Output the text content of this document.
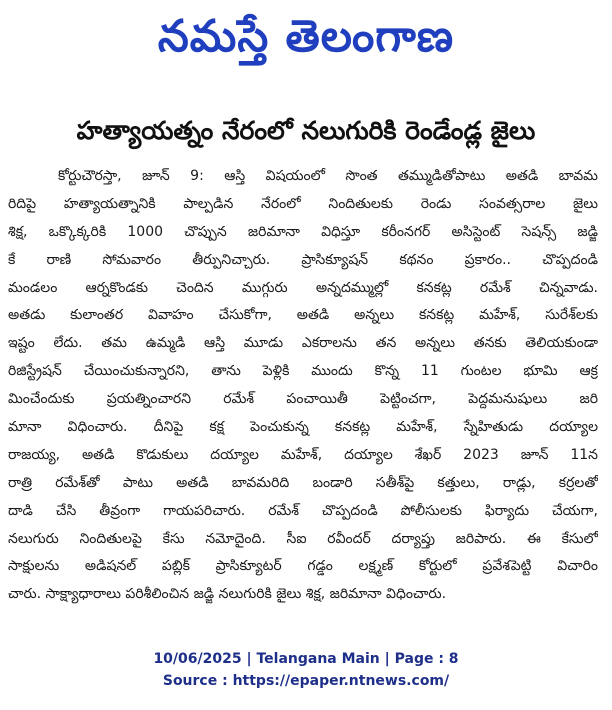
నమస్తే తెలంగాణ

హత్యాయత్నం నేరంలో నలుగురికి రెండేండ్ల జైలు
కోర్టుచౌరస్తా, జూన్ 9: ఆస్తి విషయంలో సొంత తమ్ముడితోపాటు అతడి బావమ
రిదిపై హత్యాయత్నానికి పాల్పడిన నేరంలో నిందితులకు రెండు సంవత్సరాల జైలు
శిక్ష, ఒక్కొక్కరికి 1000 చొప్పున జరిమానా విధిస్తూ కరీంనగర్ అసిస్టెంట్ సెషన్స్ జడ్జి
కే రాణి సోమవారం తీర్పునిచ్చారు. ప్రాసిక్యూషన్ కథనం ప్రకారం.. చొప్పదండి
మండలం ఆర్నకొండకు చెందిన ముగ్గురు అన్నదమ్ముల్లో కనకట్ల రమేశ్ చిన్నవాడు.
అతడు కులాంతర వివాహం చేసుకోగా, అతడి అన్నలు కనకట్ల మహేశ్, సురేశ్‌లకు
ఇష్టం లేదు. తమ ఉమ్మడి ఆస్తి మూడు ఎకరాలను తన అన్నలు తనకు తెలియకుండా
రిజిస్ట్రేషన్ చేయించుకున్నారని, తాను పెళ్లికి ముందు కొన్న 11 గుంటల భూమి ఆక్ర
మించేందుకు ప్రయత్నించారని రమేశ్ పంచాయితీ పెట్టించగా, పెద్దమనుషులు జరి
మానా విధించారు. దీనిపై కక్ష పెంచుకున్న కనకట్ల మహేశ్, స్నేహితుడు దయ్యాల
రాజయ్య, అతడి కొడుకులు దయ్యాల మహేశ్, దయ్యాల శేఖర్ 2023 జూన్ 11న
రాత్రి రమేశ్‌తో పాటు అతడి బావమరిది బండారి సతీశ్‌పై కత్తులు, రాడ్లు, కర్రలతో
దాడి చేసి తీవ్రంగా గాయపరిచారు. రమేశ్ చొప్పదండి పోలీసులకు ఫిర్యాదు చేయగా,
నలుగురు నిందితులపై కేసు నమోదైంది. సీఐ రవీందర్ దర్యాప్తు జరిపారు. ఈ కేసులో
సాక్షులను అడిషనల్ పబ్లిక్ ప్రాసిక్యూటర్ గడ్డం లక్ష్మణ్ కోర్టులో ప్రవేశపెట్టి విచారిం
చారు. సాక్ష్యాధారాలు పరిశీలించిన జడ్జి నలుగురికి జైలు శిక్ష, జరిమానా విధించారు.

10/06/2025 | Telangana Main | Page : 8
Source : https://epaper.ntnews.com/
